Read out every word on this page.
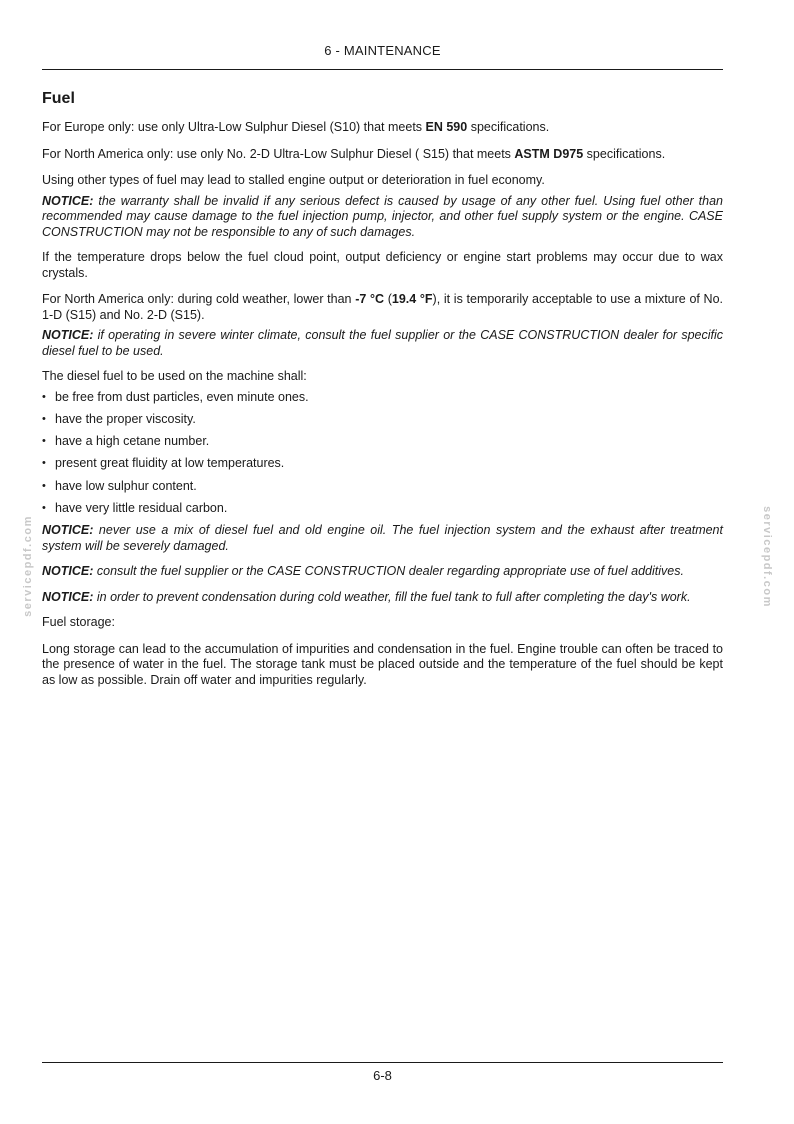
6 - MAINTENANCE
servicepdf.com	servicepdf.com
Fuel

For Europe only: use only Ultra-Low Sulphur Diesel (S10) that meets EN 590 specifications.

For North America only: use only No. 2-D Ultra-Low Sulphur Diesel ( S15) that meets ASTM D975 specifications.

Using other types of fuel may lead to stalled engine output or deterioration in fuel economy.

NOTICE: the warranty shall be invalid if any serious defect is caused by usage of any other fuel. Using fuel other than recommended may cause damage to the fuel injection pump, injector, and other fuel supply system or the engine. CASE CONSTRUCTION may not be responsible to any of such damages.

If the temperature drops below the fuel cloud point, output deficiency or engine start problems may occur due to wax crystals.

For North America only: during cold weather, lower than -7 °C (19.4 °F), it is temporarily acceptable to use a mixture of No. 1-D (S15) and No. 2-D (S15).

NOTICE: if operating in severe winter climate, consult the fuel supplier or the CASE CONSTRUCTION dealer for specific diesel fuel to be used.

The diesel fuel to be used on the machine shall:

• be free from dust particles, even minute ones.
• have the proper viscosity.
• have a high cetane number.
• present great fluidity at low temperatures.
• have low sulphur content.
• have very little residual carbon.

NOTICE: never use a mix of diesel fuel and old engine oil. The fuel injection system and the exhaust after treatment system will be severely damaged.

NOTICE: consult the fuel supplier or the CASE CONSTRUCTION dealer regarding appropriate use of fuel additives.

NOTICE: in order to prevent condensation during cold weather, fill the fuel tank to full after completing the day's work.

Fuel storage:

Long storage can lead to the accumulation of impurities and condensation in the fuel. Engine trouble can often be traced to the presence of water in the fuel. The storage tank must be placed outside and the temperature of the fuel should be kept as low as possible. Drain off water and impurities regularly.

6-8
